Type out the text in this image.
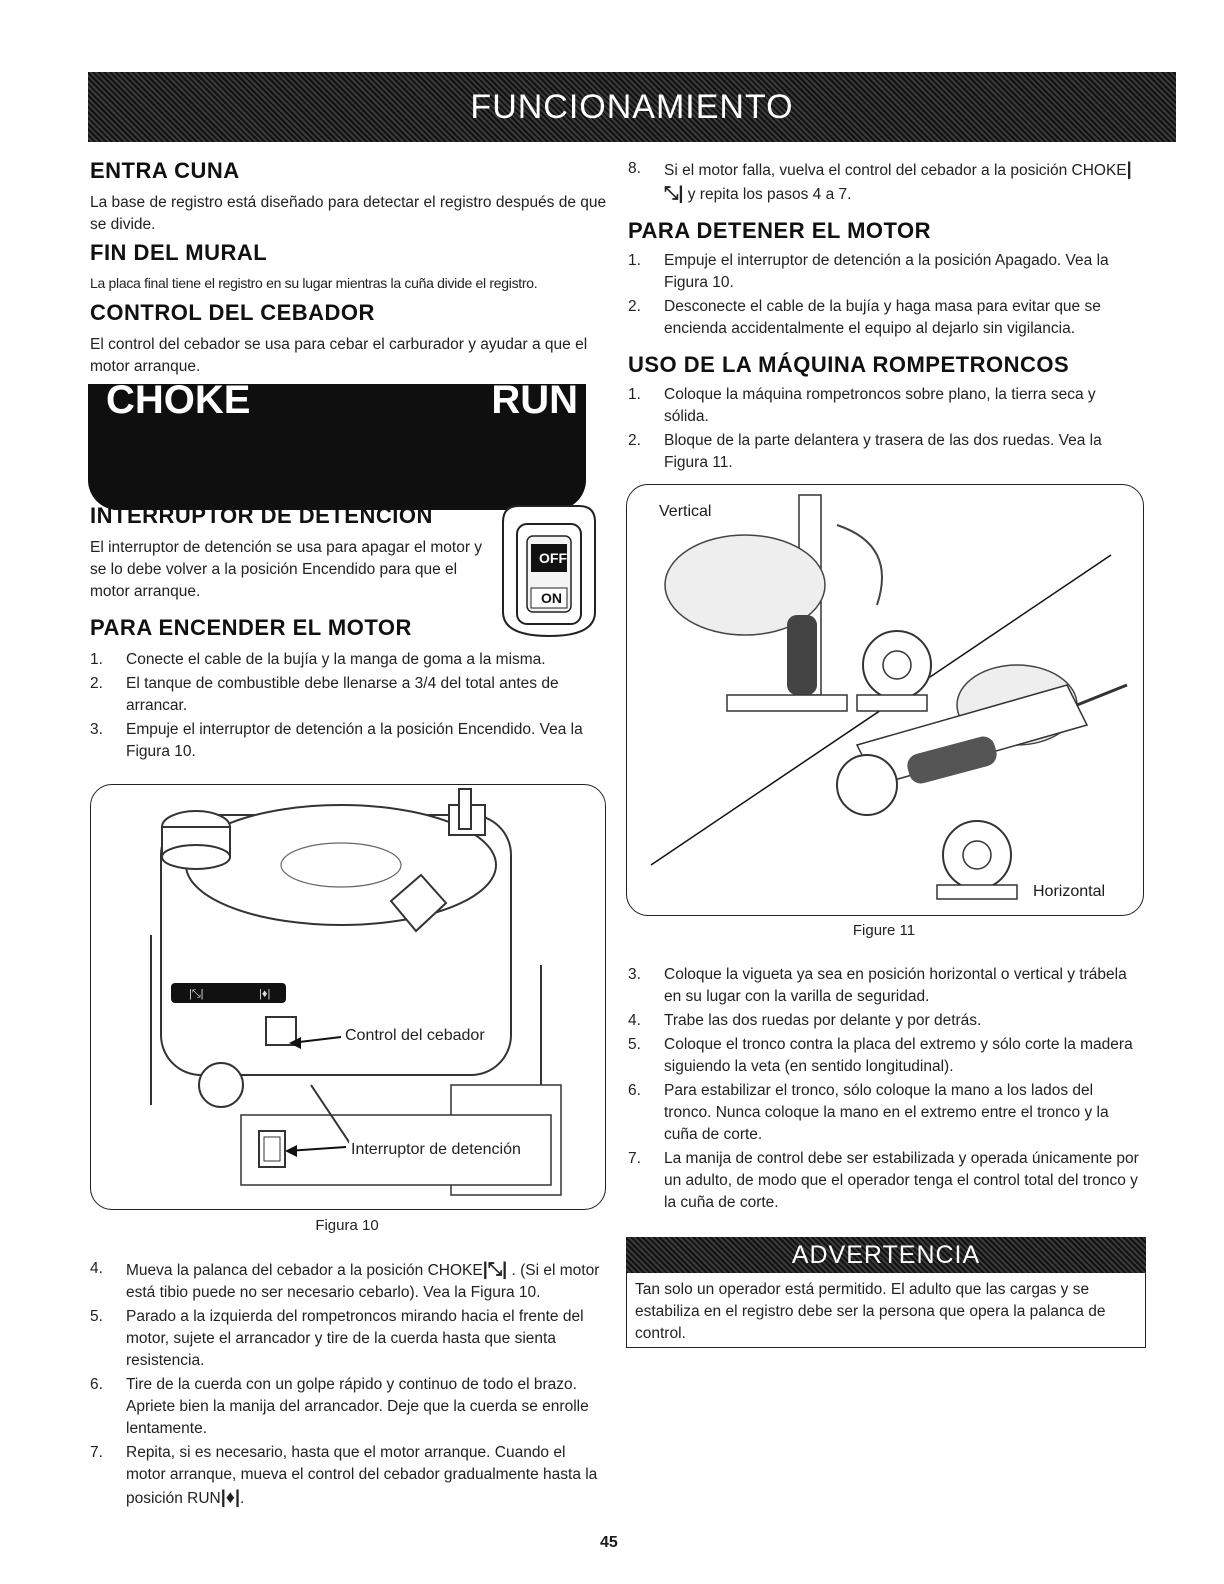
FUNCIONAMIENTO
ENTRA CUNA

La base de registro está diseñado para detectar el registro después de que se divide.

FIN DEL MURAL

La placa final tiene el registro en su lugar mientras la cuña divide el registro.

CONTROL DEL CEBADOR

El control del cebador se usa para cebar el carburador y ayudar a que el motor arranque.

CHOKE	RUN
INTERRUPTOR DE DETENCIÓN

El interruptor de detención se usa para apagar el motor y se lo debe volver a la posición Encendido para que el motor arranque.

OFF
ON
PARA ENCENDER EL MOTOR
1. Conecte el cable de la bujía y la manga de goma a la misma.
2. El tanque de combustible debe llenarse a 3/4 del total antes de arrancar.
3. Empuje el interruptor de detención a la posición Encendido. Vea la Figura 10.
|⤡|	|♦|
Control del cebador
Interruptor de detención
Figura 10
4. Mueva la palanca del cebador a la posición CHOKE|⤡| . (Si el motor está tibio puede no ser necesario cebarlo). Vea la Figura 10.
5. Parado a la izquierda del rompetroncos mirando hacia el frente del motor, sujete el arrancador y tire de la cuerda hasta que sienta resistencia.
6. Tire de la cuerda con un golpe rápido y continuo de todo el brazo. Apriete bien la manija del arrancador. Deje que la cuerda se enrolle lentamente.
7. Repita, si es necesario, hasta que el motor arranque. Cuando el motor arranque, mueva el control del cebador gradualmente hasta la posición RUN|♦|.
8. Si el motor falla, vuelva el control del cebador a la posición CHOKE|⤡| y repita los pasos 4 a 7.
PARA DETENER EL MOTOR
1. Empuje el interruptor de detención a la posición Apagado. Vea la Figura 10.
2. Desconecte el cable de la bujía y haga masa para evitar que se encienda accidentalmente el equipo al dejarlo sin vigilancia.
USO DE LA MÁQUINA ROMPETRONCOS
1. Coloque la máquina rompetroncos sobre plano, la tierra seca y sólida.
2. Bloque de la parte delantera y trasera de las dos ruedas. Vea la Figura 11.
Vertical
Horizontal
Figure 11
3. Coloque la vigueta ya sea en posición horizontal o vertical y trábela en su lugar con la varilla de seguridad.
4. Trabe las dos ruedas por delante y por detrás.
5. Coloque el tronco contra la placa del extremo y sólo corte la madera siguiendo la veta (en sentido longitudinal).
6. Para estabilizar el tronco, sólo coloque la mano a los lados del tronco. Nunca coloque la mano en el extremo entre el tronco y la cuña de corte.
7. La manija de control debe ser estabilizada y operada únicamente por un adulto, de modo que el operador tenga el control total del tronco y la cuña de corte.
ADVERTENCIA

Tan solo un operador está permitido. El adulto que las cargas y se estabiliza en el registro debe ser la persona que opera la palanca de control.

45
